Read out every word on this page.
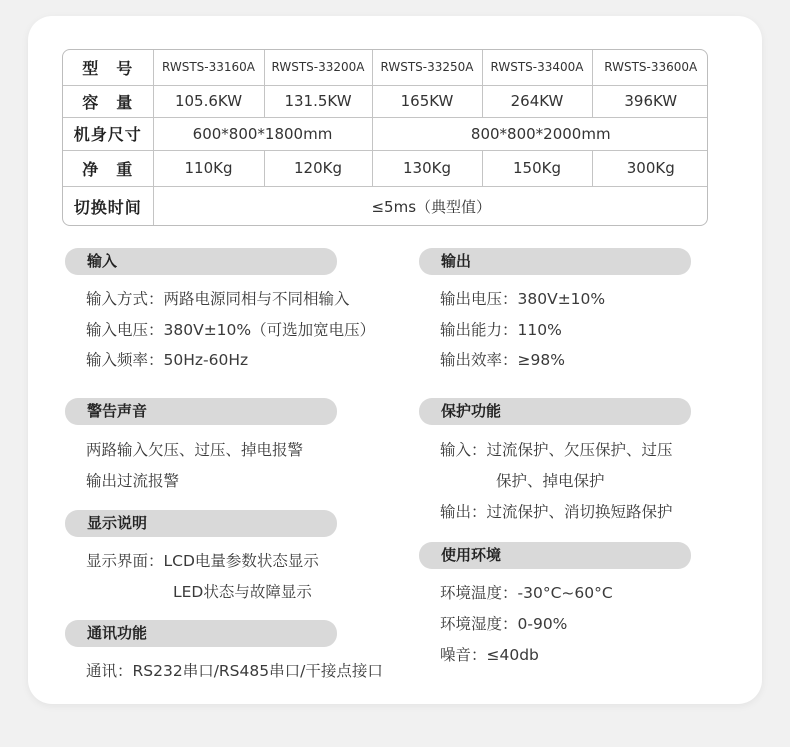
型　号	RWSTS-33160A	RWSTS-33200A	RWSTS-33250A	RWSTS-33400A	RWSTS-33600A
容　量	105.6KW	131.5KW	165KW	264KW	396KW
机身尺寸	600*800*1800mm		800*800*2000mm		
净　重	110Kg	120Kg	130Kg	150Kg	300Kg
切换时间	≤5ms（典型值）				
输入
输入方式：两路电源同相与不同相输入
输入电压：380V±10%（可选加宽电压）
输入频率：50Hz-60Hz
警告声音
两路输入欠压、过压、掉电报警
输出过流报警
显示说明
显示界面：LCD电量参数状态显示
LED状态与故障显示
通讯功能
通讯：RS232串口/RS485串口/干接点接口
输出
输出电压：380V±10%
输出能力：110%
输出效率：≥98%
保护功能
输入：过流保护、欠压保护、过压
保护、掉电保护
输出：过流保护、消切换短路保护
使用环境
环境温度：-30°C~60°C
环境湿度：0-90%
噪音：≤40db
